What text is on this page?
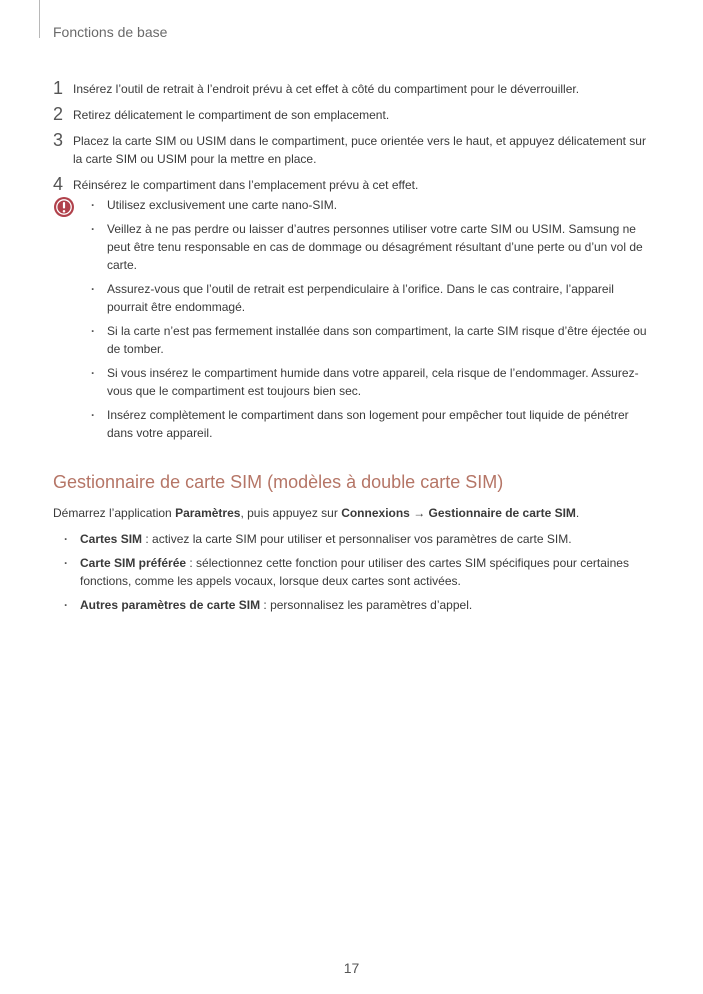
Fonctions de base
1 Insérez l’outil de retrait à l’endroit prévu à cet effet à côté du compartiment pour le déverrouiller.
2 Retirez délicatement le compartiment de son emplacement.
3 Placez la carte SIM ou USIM dans le compartiment, puce orientée vers le haut, et appuyez délicatement sur la carte SIM ou USIM pour la mettre en place.
4 Réinsérez le compartiment dans l’emplacement prévu à cet effet.
· Utilisez exclusivement une carte nano-SIM.
· Veillez à ne pas perdre ou laisser d’autres personnes utiliser votre carte SIM ou USIM. Samsung ne peut être tenu responsable en cas de dommage ou désagrément résultant d’une perte ou d’un vol de carte.
· Assurez-vous que l’outil de retrait est perpendiculaire à l’orifice. Dans le cas contraire, l’appareil pourrait être endommagé.
· Si la carte n’est pas fermement installée dans son compartiment, la carte SIM risque d’être éjectée ou de tomber.
· Si vous insérez le compartiment humide dans votre appareil, cela risque de l’endommager. Assurez-vous que le compartiment est toujours bien sec.
· Insérez complètement le compartiment dans son logement pour empêcher tout liquide de pénétrer dans votre appareil.
Gestionnaire de carte SIM (modèles à double carte SIM)

Démarrez l’application Paramètres, puis appuyez sur Connexions → Gestionnaire de carte SIM.

· Cartes SIM : activez la carte SIM pour utiliser et personnaliser vos paramètres de carte SIM.
· Carte SIM préférée : sélectionnez cette fonction pour utiliser des cartes SIM spécifiques pour certaines fonctions, comme les appels vocaux, lorsque deux cartes sont activées.
· Autres paramètres de carte SIM : personnalisez les paramètres d’appel.
17
